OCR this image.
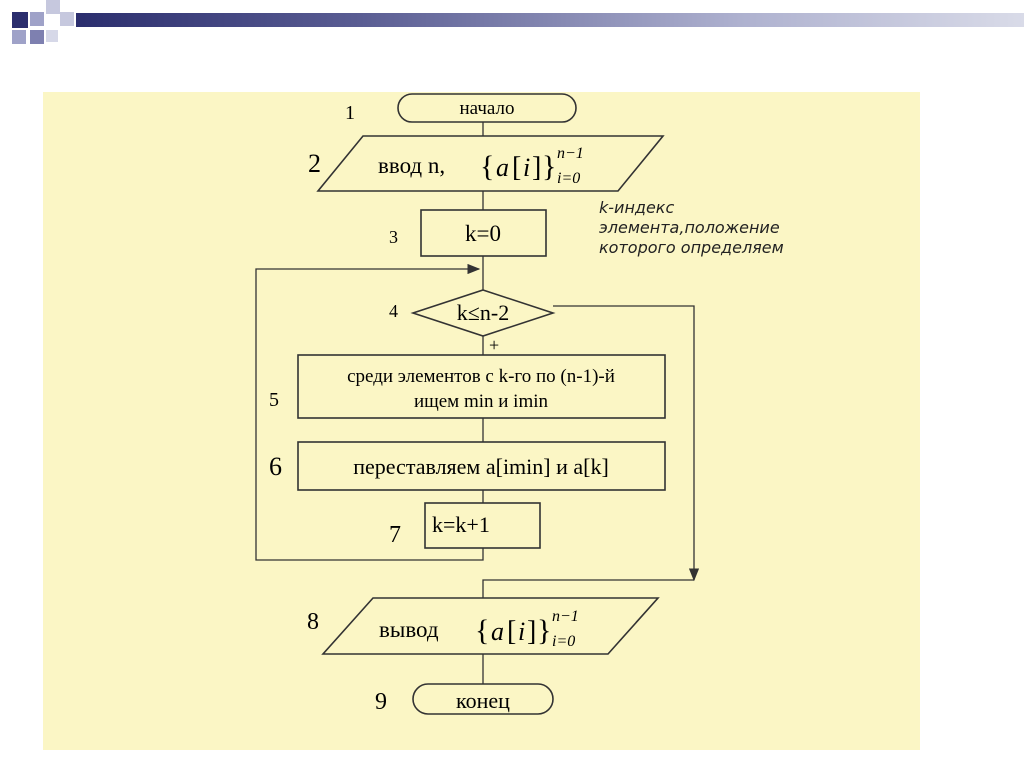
1
2
3
4
5
6
7
8
9
начало
ввод n, { a [ i ] } n−1
i=0
k=0
k≤n-2
+
среди элементов с k-го по (n-1)-й
ищем min и imin
переставляем a[imin] и a[k]
k=k+1
вывод { a [ i ] } n−1
i=0
конец
k-индекс
элемента,положение
которого определяем
